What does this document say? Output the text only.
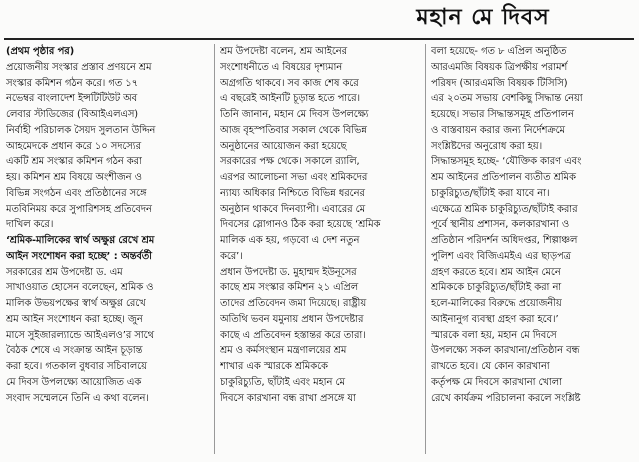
মহান মে দিবস
(প্রথম পৃষ্ঠার পর)
প্রয়োজনীয় সংস্কার প্রস্তাব প্রণয়নে শ্রম
সংস্কার কমিশন গঠন করে। গত ১৭
নভেম্বর বাংলাদেশ ইন্সটিটিউট অব
লেবার স্টাডিজের (বিআইএলএস)
নির্বাহী পরিচালক সৈয়দ সুলতান উদ্দিন
আহমেদকে প্রধান করে ১০ সদস্যের
একটি শ্রম সংস্কার কমিশন গঠন করা
হয়। কমিশন শ্রম বিষয়ে অংশীজন ও
বিভিন্ন সংগঠন এবং প্রতিষ্ঠানের সঙ্গে
মতবিনিময় করে সুপারিশসহ প্রতিবেদন
দাখিল করে।
‘শ্রমিক-মালিকের স্বার্থ অক্ষুণ্ণ রেখে শ্রম
আইন সংশোধন করা হচ্ছে’ : অন্তর্বর্তী
সরকারের শ্রম উপদেষ্টা ড. এম
সাখাওয়াত হোসেন বলেছেন, শ্রমিক ও
মালিক উভয়পক্ষের স্বার্থ অক্ষুণ্ণ রেখে
শ্রম আইন সংশোধন করা হচ্ছে। জুন
মাসে সুইজারল্যান্ডে আইএলও’র সাথে
বৈঠক শেষে এ সংক্রান্ত আইন চূড়ান্ত
করা হবে। গতকাল বুধবার সচিবালয়ে
মে দিবস উপলক্ষ্যে আয়োজিত এক
সংবাদ সম্মেলনে তিনি এ কথা বলেন।
শ্রম উপদেষ্টা বলেন, শ্রম আইনের
সংশোধনীতে এ বিষয়ের দৃশ্যমান
অগ্রগতি থাকবে। সব কাজ শেষ করে
এ বছরেই আইনটি চূড়ান্ত হতে পারে।
তিনি জানান, মহান মে দিবস উপলক্ষ্যে
আজ বৃহস্পতিবার সকাল থেকে বিভিন্ন
অনুষ্ঠানের আয়োজন করা হয়েছে
সরকারের পক্ষ থেকে। সকালে র‍্যালি,
এরপর আলোচনা সভা এবং শ্রমিকদের
ন্যায্য অধিকার নিশ্চিতে বিভিন্ন ধরনের
অনুষ্ঠান থাকবে দিনব্যাপী। এবারের মে
দিবসের স্লোগানও ঠিক করা হয়েছে ‘শ্রমিক
মালিক এক হয়, গড়বো এ দেশ নতুন
করে’।
প্রধান উপদেষ্টা ড. মুহাম্মদ ইউনূসের
কাছে শ্রম সংস্কার কমিশন ২১ এপ্রিল
তাদের প্রতিবেদন জমা দিয়েছে। রাষ্ট্রীয়
অতিথি ভবন যমুনায় প্রধান উপদেষ্টার
কাছে এ প্রতিবেদন হস্তান্তর করে তারা।
শ্রম ও কর্মসংস্থান মন্ত্রণালয়ের শ্রম
শাখার এক স্মারকে শ্রমিককে
চাকুরিচ্যুতি, ছাঁটাই এবং মহান মে
দিবসে কারখানা বন্ধ রাখা প্রসঙ্গে যা
বলা হয়েছে- গত ৮ এপ্রিল অনুষ্ঠিত
আরএমজি বিষয়ক ত্রিপক্ষীয় পরামর্শ
পরিষদ (আরএমজি বিষয়ক টিসিসি)
এর ২০তম সভায় বেশকিছু সিদ্ধান্ত নেয়া
হয়েছে। সভার সিদ্ধান্তসমূহ প্রতিপালন
ও বাস্তবায়ন করার জন্য নির্দেশক্রমে
সংশ্লিষ্টদের অনুরোধ করা হয়।
সিদ্ধান্তসমূহ হচ্ছে- ‘যৌক্তিক কারণ এবং
শ্রম আইনের প্রতিপালন ব্যতীত শ্রমিক
চাকুরিচ্যুত/ছাঁটাই করা যাবে না।
এক্ষেত্রে শ্রমিক চাকুরিচ্যুত/ছাঁটাই করার
পূর্বে স্থানীয় প্রশাসন, কলকারখানা ও
প্রতিষ্ঠান পরিদর্শন অধিদপ্তর, শিল্পাঞ্চল
পুলিশ এবং বিজিএমইএ এর ছাড়পত্র
গ্রহণ করতে হবে। শ্রম আইন মেনে
শ্রমিককে চাকুরিচ্যুত/ছাঁটাই করা না
হলে-মালিকের বিরুদ্ধে প্রয়োজনীয়
আইনানুগ ব্যবস্থা গ্রহণ করা হবে।’
স্মারকে বলা হয়, মহান মে দিবসে
উপলক্ষ্যে সকল কারখানা/প্রতিষ্ঠান বন্ধ
রাখতে হবে। যে কোন কারখানা
কর্তৃপক্ষ মে দিবসে কারখানা খোলা
রেখে কার্যক্রম পরিচালনা করলে সংশ্লিষ্ট
